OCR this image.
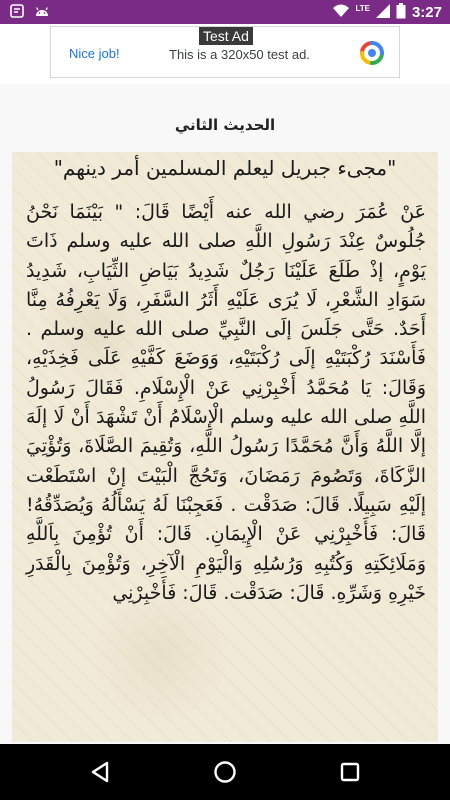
LTE	3:27
Test Ad
Nice job!	This is a 320x50 test ad.
الحديث الثاني
"مجىء جبريل ليعلم المسلمين أمر دينهم"
عَنْ عُمَرَ رضي الله عنه أَيْضًا قَالَ: " بَيْنَمَا نَحْنُ جُلُوسٌ عِنْدَ رَسُولِ اللَّهِ صلى الله عليه وسلم ذَاتَ يَوْمٍ، إذْ طَلَعَ عَلَيْنَا رَجُلٌ شَدِيدُ بَيَاضِ الثِّيَابِ، شَدِيدُ سَوَادِ الشَّعْرِ، لَا يُرَى عَلَيْهِ أَثَرُ السَّفَرِ، وَلَا يَعْرِفُهُ مِنَّا أَحَدٌ. حَتَّى جَلَسَ إلَى النَّبِيِّ صلى الله عليه وسلم . فَأَسْنَدَ رُكْبَتَيْهِ إلَى رُكْبَتَيْهِ، وَوَضَعَ كَفَّيْهِ عَلَى فَخِذَيْهِ، وَقَالَ: يَا مُحَمَّدُ أَخْبِرْنِي عَنْ الْإِسْلَامِ. فَقَالَ رَسُولُ اللَّهِ صلى الله عليه وسلم الْإِسْلَامُ أَنْ تَشْهَدَ أَنْ لَا إلَهَ إلَّا اللَّهُ وَأَنَّ مُحَمَّدًا رَسُولُ اللَّهِ، وَتُقِيمَ الصَّلَاةَ، وَتُؤْتِيَ الزَّكَاةَ، وَتَصُومَ رَمَضَانَ، وَتَحُجَّ الْبَيْتَ إنْ اسْتَطَعْت إلَيْهِ سَبِيلًا. قَالَ: صَدَقْت . فَعَجِبْنَا لَهُ يَسْأَلُهُ وَيُصَدِّقُهُ! قَالَ: فَأَخْبِرْنِي عَنْ الْإِيمَانِ. قَالَ: أَنْ تُؤْمِنَ بِاَللَّهِ وَمَلَائِكَتِهِ وَكُتُبِهِ وَرُسُلِهِ وَالْيَوْمِ الْآخِرِ، وَتُؤْمِنَ بِالْقَدَرِ خَيْرِهِ وَشَرِّهِ. قَالَ: صَدَقْت. قَالَ: فَأَخْبِرْنِي
